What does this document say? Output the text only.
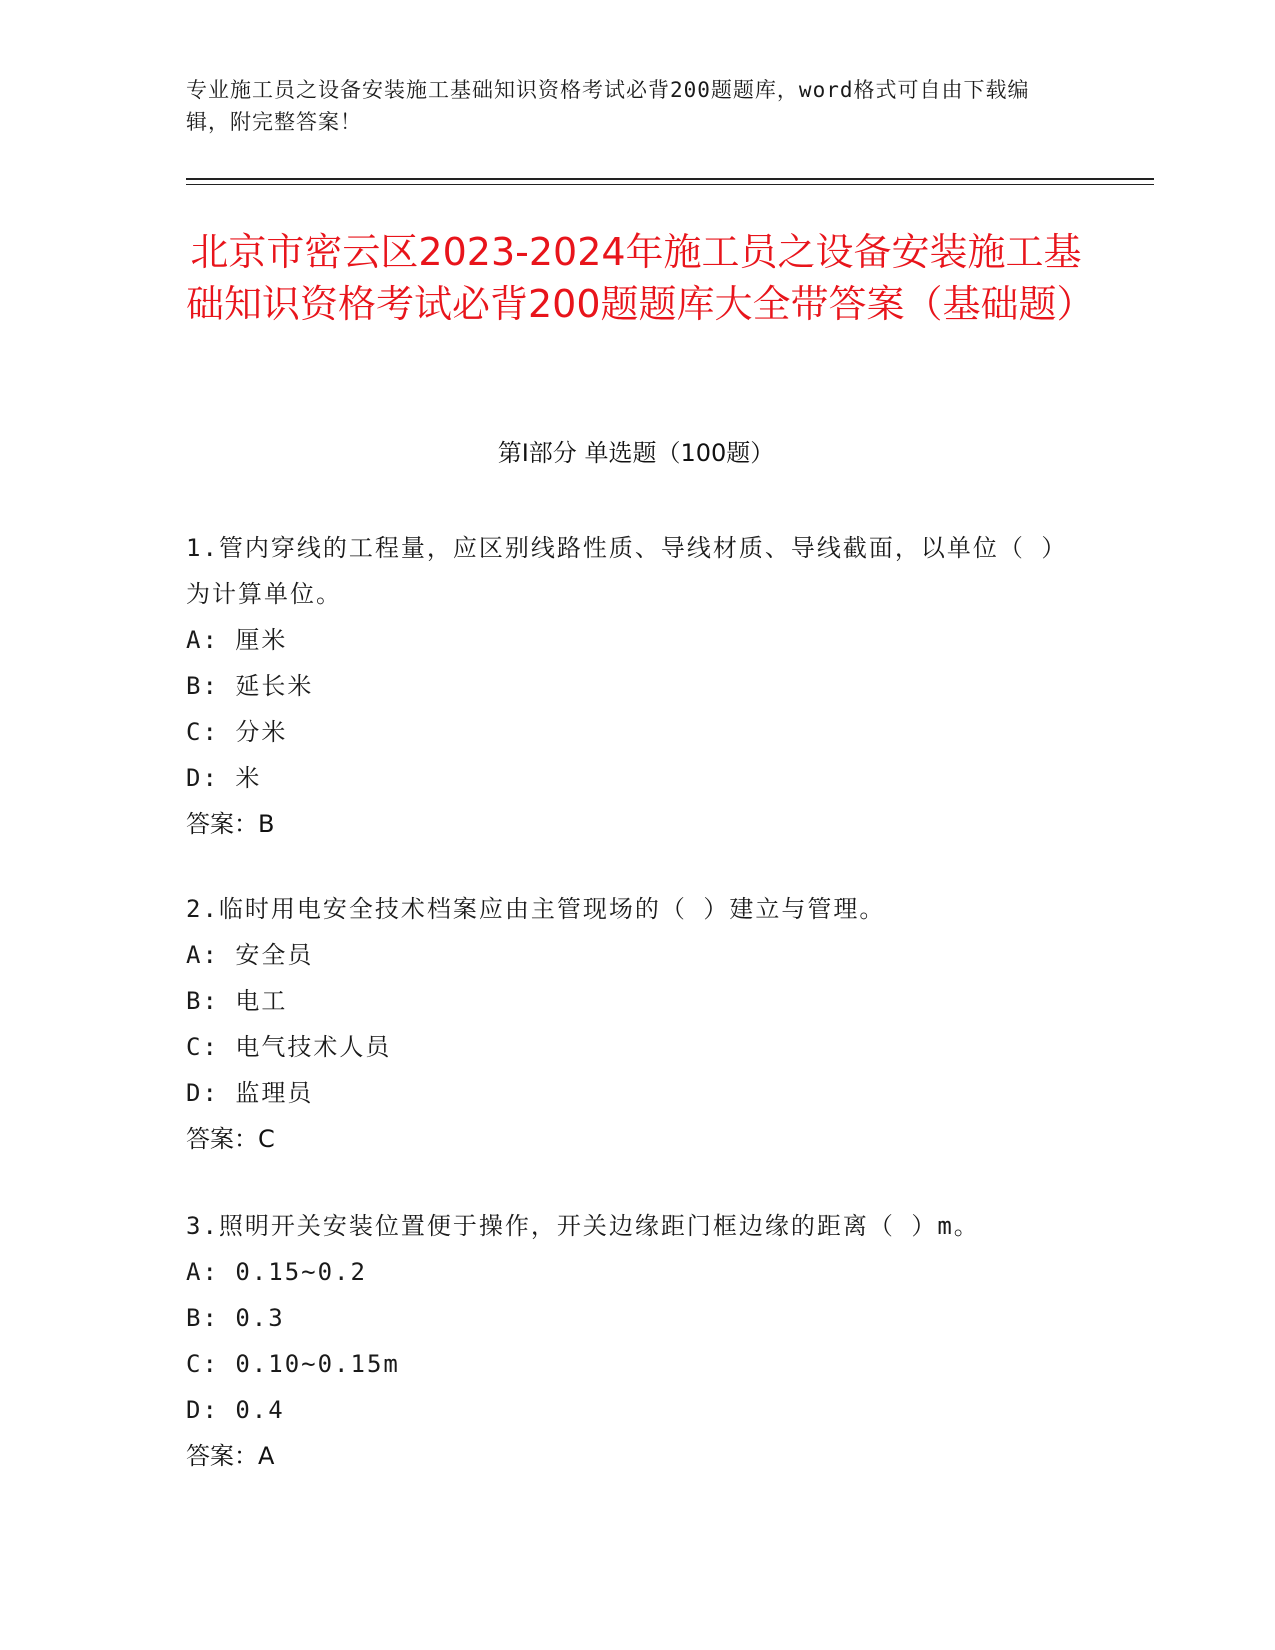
专业施工员之设备安装施工基础知识资格考试必背200题题库，word格式可自由下载编辑，附完整答案！
北京市密云区2023-2024年施工员之设备安装施工基础知识资格考试必背200题题库大全带答案（基础题）
第I部分 单选题（100题）

1.管内穿线的工程量，应区别线路性质、导线材质、导线截面，以单位（ ）为计算单位。

A: 厘米

B: 延长米

C: 分米

D: 米

答案：B

2.临时用电安全技术档案应由主管现场的（ ）建立与管理。

A: 安全员

B: 电工

C: 电气技术人员

D: 监理员

答案：C

3.照明开关安装位置便于操作，开关边缘距门框边缘的距离（ ）m。

A: 0.15~0.2

B: 0.3

C: 0.10~0.15m

D: 0.4

答案：A
